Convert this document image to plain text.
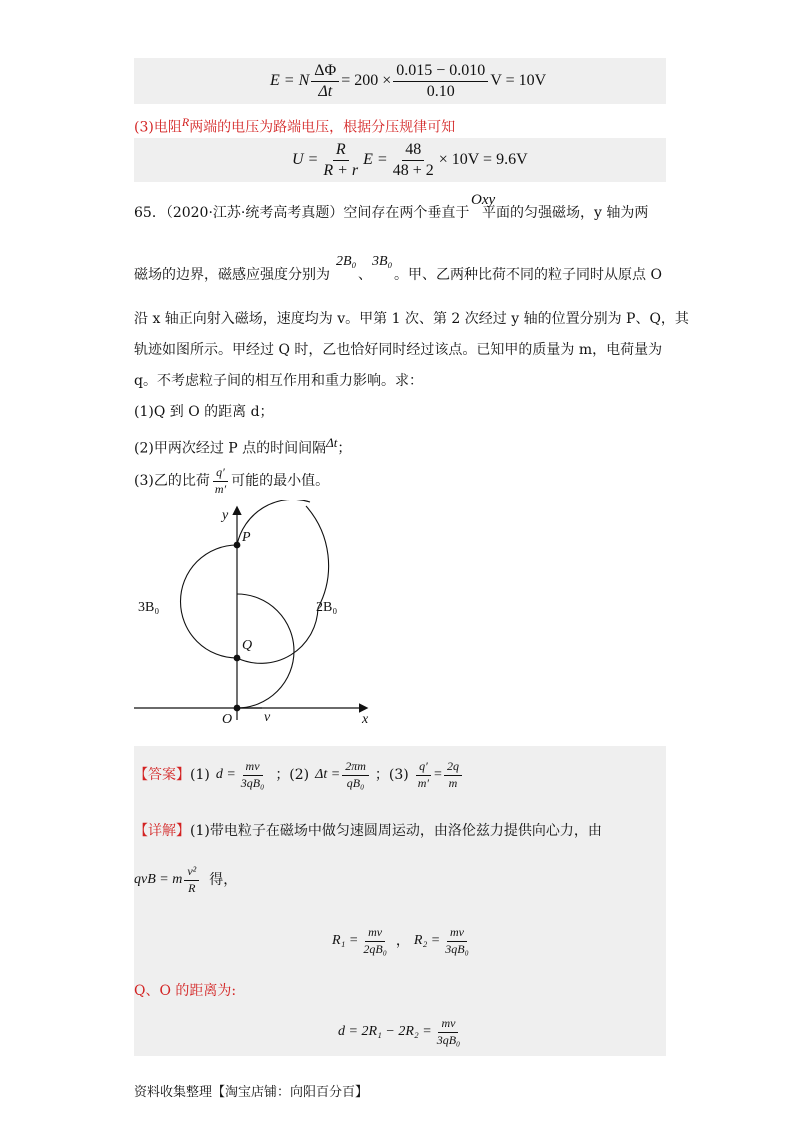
E = N $\frac{\Delta\Phi}{\Delta t} = 200 \times \frac{0.015 - 0.010}{0.10}$ V = 10V
(3)电阻R两端的电压为路端电压，根据分压规律可知
$U = \frac{R}{R + r}$ $E = \frac{48}{48 + 2} \times 10V = 9.6V$
65．（2020·江苏·统考高考真题）空间存在两个垂直于
Oxy
平面的匀强磁场，y 轴为两
磁场的边界，磁感应强度分别为
2B₀
、
3B₀
。甲、乙两种比荷不同的粒子同时从原点 O
沿 x 轴正向射入磁场，速度均为 v。甲第 1 次、第 2 次经过 y 轴的位置分别为 P、Q，其
轨迹如图所示。甲经过 Q 时，乙也恰好同时经过该点。已知甲的质量为 m，电荷量为
q。不考虑粒子间的相互作用和重力影响。求：
(1)Q 到 O 的距离 d；
(2)甲两次经过 P 点的时间间隔Δt；
(3)乙的比荷 $\frac{q'}{m'}$ 可能的最小值。
y
x
P
Q
O v
3B₀	2B₀
【答案】 (1) $d = \frac{mv}{\text{3qB₀}}$ ；(2) $\Delta t = \frac{2\pi m}{\text{qB₀}}$ ；$(3) \frac{q'}{m'} = \frac{2q}{m}$
【详解】(1)带电粒子在磁场中做匀速圆周运动，由洛伦兹力提供向心力，由
qvB = m $\frac{\text{v²}}{R}$ 得，
$R_1 = \frac{mv}{\text{2qB₀}}$ ， $R_2 = \frac{mv}{\text{3qB₀}}$
Q、O 的距离为:
$d = 2R_1 - 2R_2 = \frac{mv}{\text{3qB₀}}$
资料收集整理【淘宝店铺：向阳百分百】
